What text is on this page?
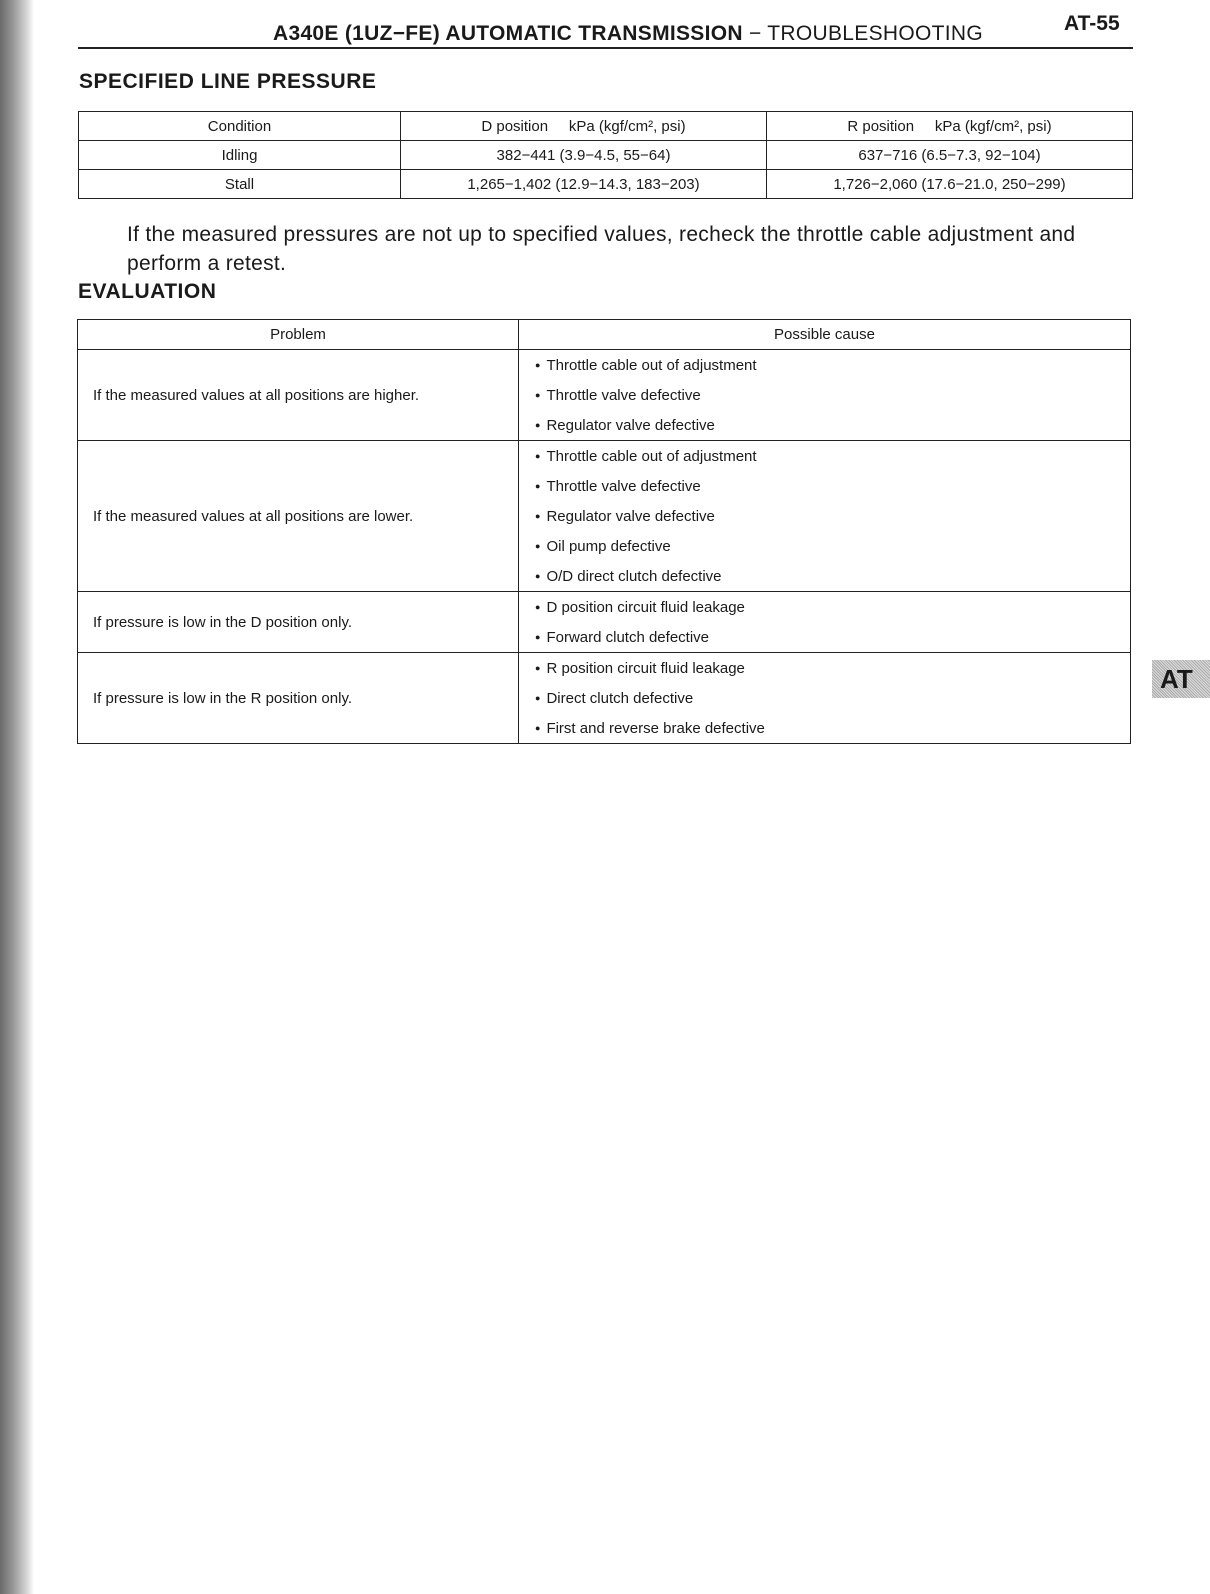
A340E (1UZ−FE) AUTOMATIC TRANSMISSION − TROUBLESHOOTING	AT-55
SPECIFIED LINE PRESSURE
Condition	D position     kPa (kgf/cm², psi)	R position     kPa (kgf/cm², psi)
Idling	382−441 (3.9−4.5, 55−64)	637−716 (6.5−7.3, 92−104)
Stall	1,265−1,402 (12.9−14.3, 183−203)	1,726−2,060 (17.6−21.0, 250−299)
If the measured pressures are not up to specified values, recheck the throttle cable adjustment and perform a retest.
EVALUATION
Problem	Possible cause
If the measured values at all positions are higher.	● Throttle cable out of adjustment
● Throttle valve defective
● Regulator valve defective

If the measured values at all positions are lower.	● Throttle cable out of adjustment
● Throttle valve defective
● Regulator valve defective
● Oil pump defective
● O/D direct clutch defective

If pressure is low in the D position only.	● D position circuit fluid leakage
● Forward clutch defective

If pressure is low in the R position only.	● R position circuit fluid leakage
● Direct clutch defective
● First and reverse brake defective
AT
